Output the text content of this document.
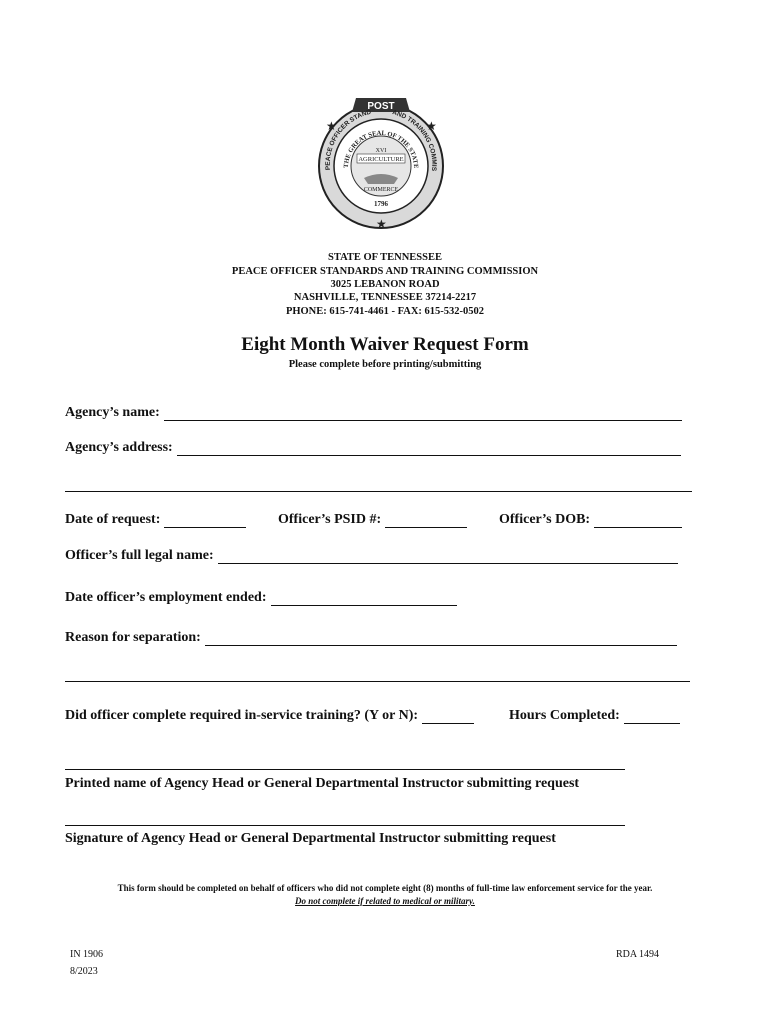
POST
PEACE OFFICER STAND	AND TRAINING COMMIS
THE GREAT SEAL OF THE STATE
XVI
AGRICULTURE
COMMERCE
1796
★	★
★
STATE OF TENNESSEE
PEACE OFFICER STANDARDS AND TRAINING COMMISSION
3025 LEBANON ROAD
NASHVILLE, TENNESSEE 37214-2217
PHONE: 615-741-4461 - FAX: 615-532-0502
Eight Month Waiver Request Form
Please complete before printing/submitting
Agency’s name:
Agency’s address:
Date of request:	Officer’s PSID #:	Officer’s DOB:
Officer’s full legal name:
Date officer’s employment ended:
Reason for separation:
Did officer complete required in-service training? (Y or N):	Hours Completed:
Printed name of Agency Head or General Departmental Instructor submitting request
Signature of Agency Head or General Departmental Instructor submitting request
This form should be completed on behalf of officers who did not complete eight (8) months of full-time law enforcement service for the year.
Do not complete if related to medical or military.
IN 1906
8/2023
RDA 1494
